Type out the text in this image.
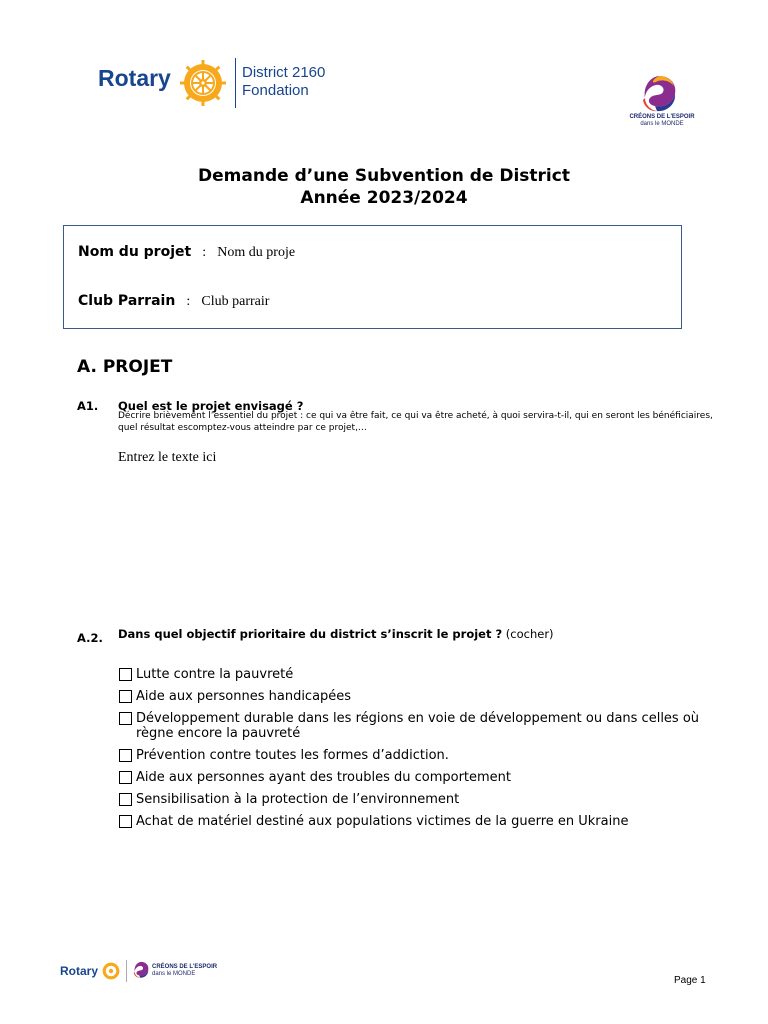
Rotary	District 2160
Fondation
CRÉONS DE L'ESPOIR
dans le MONDE
Demande d’une Subvention de District
Année 2023/2024
Nom du projet : Nom du proje
Club Parrain : Club parrair
A. PROJET
A1. Quel est le projet envisagé ?
Décrire brièvement l’essentiel du projet : ce qui va être fait, ce qui va être acheté, à quoi servira-t-il, qui en seront les bénéficiaires, quel résultat escomptez-vous atteindre par ce projet,…
Entrez le texte ici
A.2. Dans quel objectif prioritaire du district s’inscrit le projet ? (cocher)
Lutte contre la pauvreté
Aide aux personnes handicapées
Développement durable dans les régions en voie de développement ou dans celles où règne encore la pauvreté
Prévention contre toutes les formes d’addiction.
Aide aux personnes ayant des troubles du comportement
Sensibilisation à la protection de l’environnement
Achat de matériel destiné aux populations victimes de la guerre en Ukraine
Rotary	CRÉONS DE L'ESPOIR
dans le MONDE
Page 1
